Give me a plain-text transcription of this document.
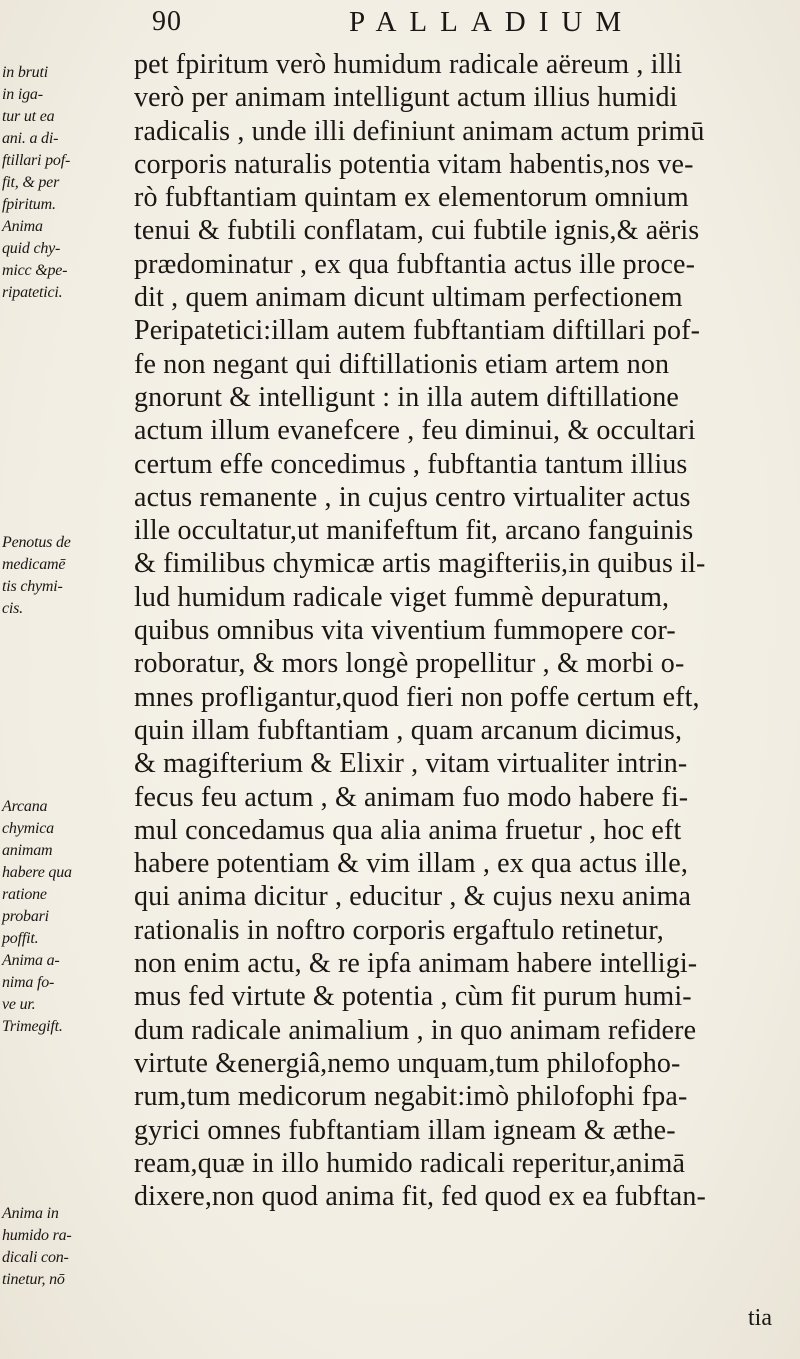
90	PALLADIUM
in bruti
in iga-
tur ut ea
ani. a di-
ftillari pof-
fit, & per
fpiritum.
Anima
quid chy-
micc &pe-
ripatetici.
Penotus de
medicamē
tis chymi-
cis.
Arcana
chymica
animam
habere qua
ratione
probari
poffit.
Anima a-
nima fo-
ve ur.
Trimegift.
Anima in
humido ra-
dicali con-
tinetur, nō
pet fpiritum verò humidum radicale aëreum , illi
verò per animam intelligunt actum illius humidi
radicalis , unde illi definiunt animam actum primū
corporis naturalis potentia vitam habentis,nos ve-
rò fubftantiam quintam ex elementorum omnium
tenui & fubtili conflatam, cui fubtile ignis,& aëris
prædominatur , ex qua fubftantia actus ille proce-
dit , quem animam dicunt ultimam perfectionem
Peripatetici:illam autem fubftantiam diftillari pof-
fe non negant qui diftillationis etiam artem non
gnorunt & intelligunt : in illa autem diftillatione
actum illum evanefcere , feu diminui, & occultari
certum effe concedimus , fubftantia tantum illius
actus remanente , in cujus centro virtualiter actus
ille occultatur,ut manifeftum fit, arcano fanguinis
& fimilibus chymicæ artis magifteriis,in quibus il-
lud humidum radicale viget fummè depuratum,
quibus omnibus vita viventium fummopere cor-
roboratur, & mors longè propellitur , & morbi o-
mnes profligantur,quod fieri non poffe certum eft,
quin illam fubftantiam , quam arcanum dicimus,
& magifterium & Elixir , vitam virtualiter intrin-
fecus feu actum , & animam fuo modo habere fi-
mul concedamus qua alia anima fruetur , hoc eft
habere potentiam & vim illam , ex qua actus ille,
qui anima dicitur , educitur , & cujus nexu anima
rationalis in noftro corporis ergaftulo retinetur,
non enim actu, & re ipfa animam habere intelligi-
mus fed virtute & potentia , cùm fit purum humi-
dum radicale animalium , in quo animam refidere
virtute &energiâ,nemo unquam,tum philofopho-
rum,tum medicorum negabit:imò philofophi fpa-
gyrici omnes fubftantiam illam igneam & æthe-
ream,quæ in illo humido radicali reperitur,animā
dixere,non quod anima fit, fed quod ex ea fubftan-
tia
